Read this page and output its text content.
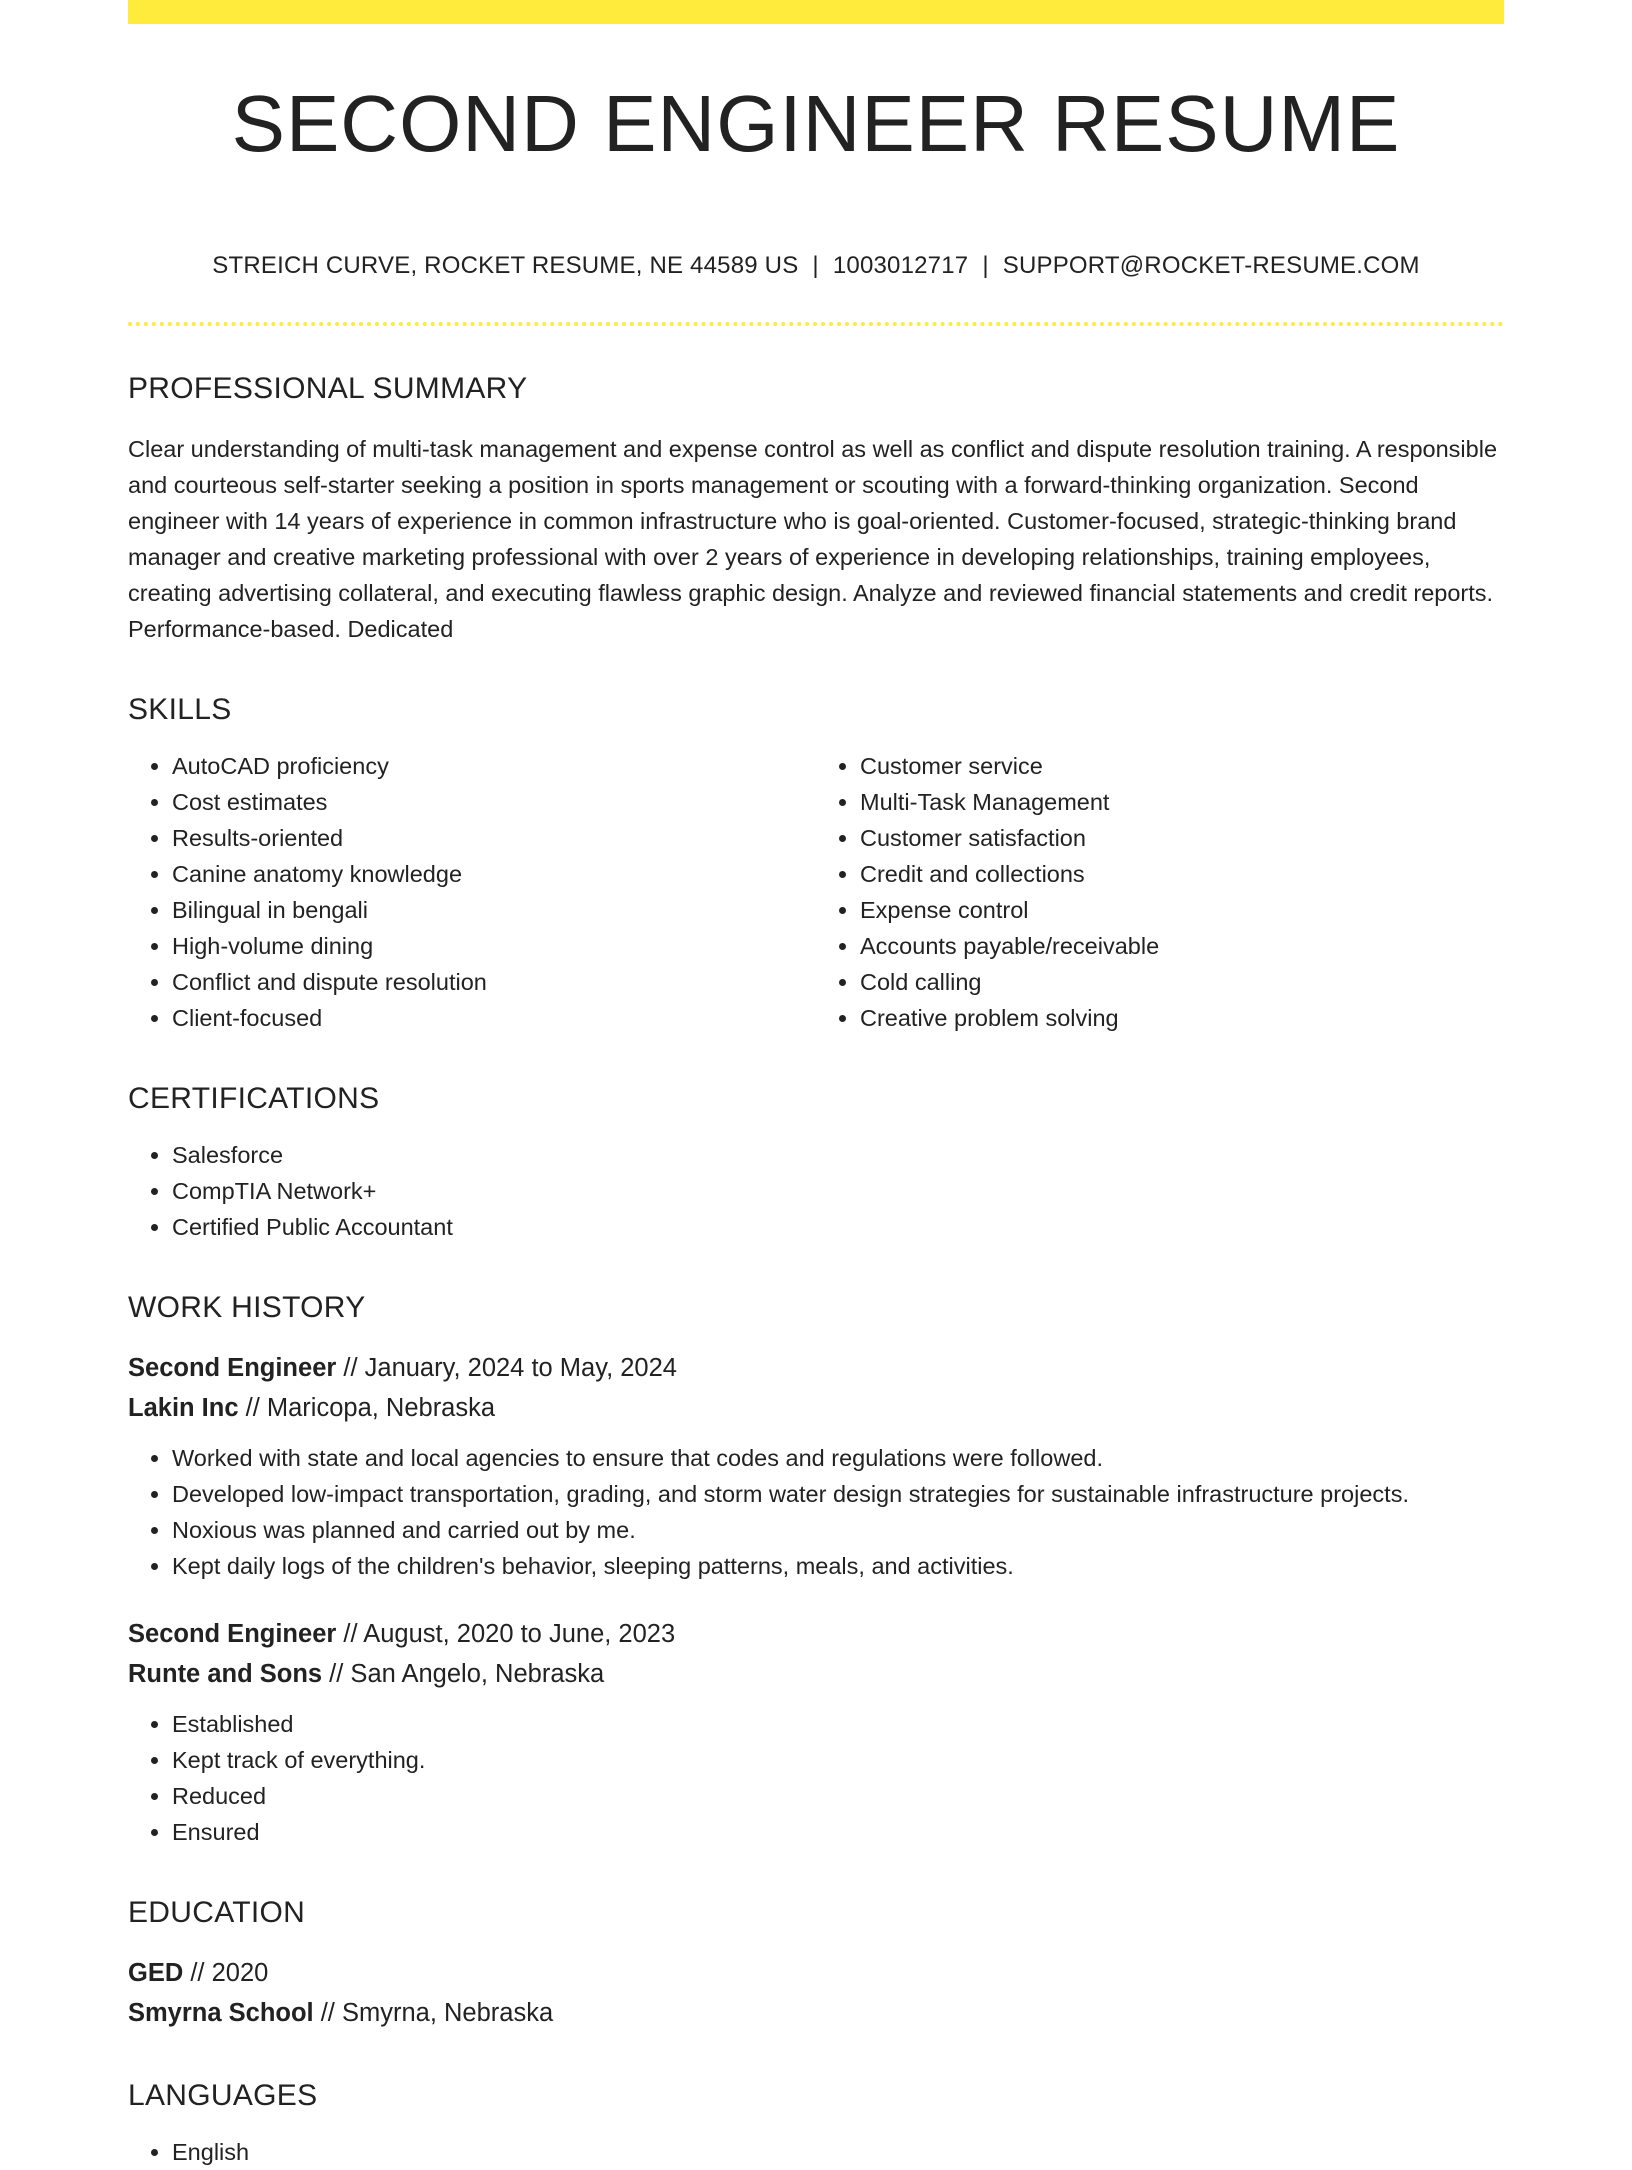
SECOND ENGINEER RESUME
STREICH CURVE, ROCKET RESUME, NE 44589 US | 1003012717 | SUPPORT@ROCKET-RESUME.COM
PROFESSIONAL SUMMARY

Clear understanding of multi-task management and expense control as well as conflict and dispute resolution training. A responsible and courteous self-starter seeking a position in sports management or scouting with a forward-thinking organization. Second engineer with 14 years of experience in common infrastructure who is goal-oriented. Customer-focused, strategic-thinking brand manager and creative marketing professional with over 2 years of experience in developing relationships, training employees, creating advertising collateral, and executing flawless graphic design. Analyze and reviewed financial statements and credit reports. Performance-based. Dedicated

SKILLS
• AutoCAD proficiency
• Cost estimates
• Results-oriented
• Canine anatomy knowledge
• Bilingual in bengali
• High-volume dining
• Conflict and dispute resolution
• Client-focused
• Customer service
• Multi-Task Management
• Customer satisfaction
• Credit and collections
• Expense control
• Accounts payable/receivable
• Cold calling
• Creative problem solving
CERTIFICATIONS
• Salesforce
• CompTIA Network+
• Certified Public Accountant
WORK HISTORY
Second Engineer // January, 2024 to May, 2024
Lakin Inc // Maricopa, Nebraska
• Worked with state and local agencies to ensure that codes and regulations were followed.
• Developed low-impact transportation, grading, and storm water design strategies for sustainable infrastructure projects.
• Noxious was planned and carried out by me.
• Kept daily logs of the children's behavior, sleeping patterns, meals, and activities.
Second Engineer // August, 2020 to June, 2023
Runte and Sons // San Angelo, Nebraska
• Established
• Kept track of everything.
• Reduced
• Ensured
EDUCATION
GED // 2020
Smyrna School // Smyrna, Nebraska
LANGUAGES
• English
